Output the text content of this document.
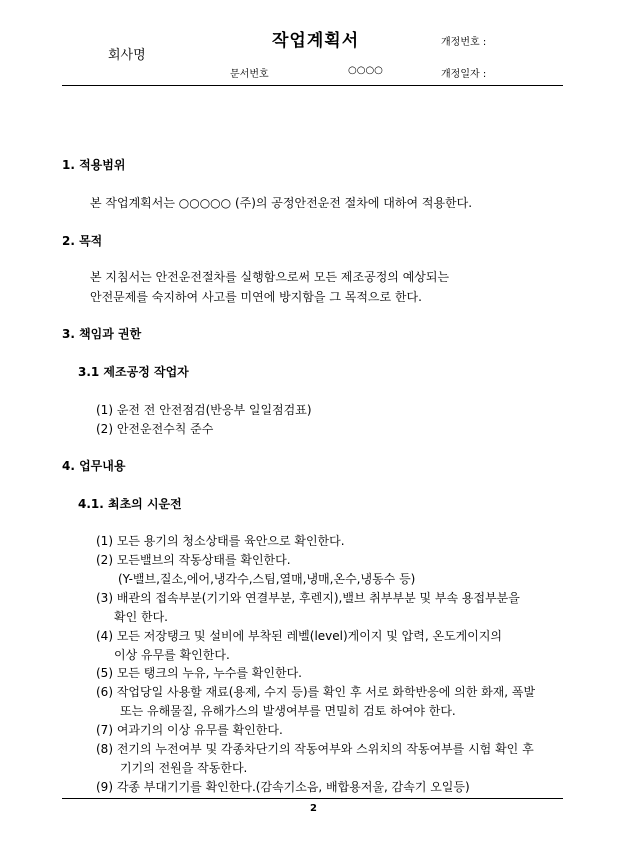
작업계획서
회사명
개정번호 :
문서번호	○○○○	개정일자 :
1. 적용범위
본 작업계획서는 ○○○○○ (주)의 공정안전운전 절차에 대하여 적용한다.
2. 목적
본 지침서는 안전운전절차를 실행함으로써 모든 제조공정의 예상되는
안전문제를 숙지하여 사고를 미연에 방지함을 그 목적으로 한다.
3. 책임과 권한
3.1 제조공정 작업자
(1) 운전 전 안전점검(반응부 일일점검표)
(2) 안전운전수칙 준수
4. 업무내용
4.1. 최초의 시운전
(1) 모든 용기의 청소상태를 육안으로 확인한다.
(2) 모든밸브의 작동상태를 확인한다.
(Y-밸브,질소,에어,냉각수,스팀,열매,냉매,온수,냉동수 등)
(3) 배관의 접속부분(기기와 연결부분, 후렌지),밸브 취부부분 및 부속 용접부분을
확인 한다.
(4) 모든 저장탱크 및 설비에 부착된 레벨(level)게이지 및 압력, 온도게이지의
이상 유무를 확인한다.
(5) 모든 탱크의 누유, 누수를 확인한다.
(6) 작업당일 사용할 재료(용제, 수지 등)를 확인 후 서로 화학반응에 의한 화재, 폭발
또는 유해물질, 유해가스의 발생여부를 면밀히 검토 하여야 한다.
(7) 여과기의 이상 유무를 확인한다.
(8) 전기의 누전여부 및 각종차단기의 작동여부와 스위치의 작동여부를 시험 확인 후
기기의 전원을 작동한다.
(9) 각종 부대기기를 확인한다.(감속기소음, 배합용저울, 감속기 오일등)
2
